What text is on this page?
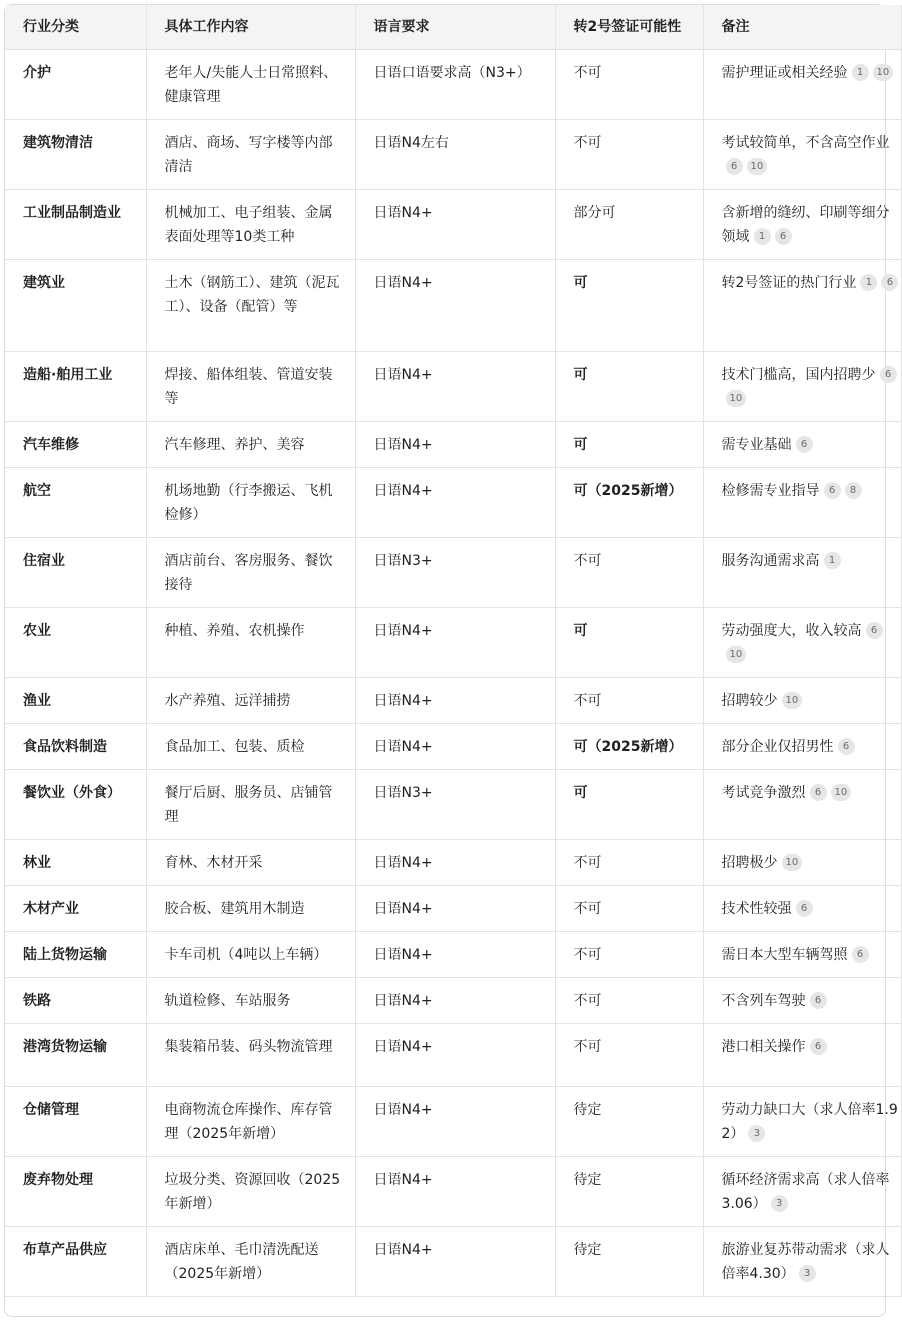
行业分类	具体工作内容	语言要求	转2号签证可能性	备注
介护	老年人/失能人士日常照料、健康管理	日语口语要求高（N3+）	不可	需护理证或相关经验 1 10
建筑物清洁	酒店、商场、写字楼等内部清洁	日语N4左右	不可	考试较简单，不含高空作业6 10
工业制品制造业	机械加工、电子组装、金属表面处理等10类工种	日语N4+	部分可	含新增的缝纫、印刷等细分领域 1 6
建筑业	土木（钢筋工）、建筑（泥瓦工）、设备（配管）等	日语N4+	可	转2号签证的热门行业 1 6
造船·舶用工业	焊接、船体组装、管道安装等	日语N4+	可	技术门槛高，国内招聘少 610
汽车维修	汽车修理、养护、美容	日语N4+	可	需专业基础 6
航空	机场地勤（行李搬运、飞机检修）	日语N4+	可（2025新增）	检修需专业指导 6 8
住宿业	酒店前台、客房服务、餐饮接待	日语N3+	不可	服务沟通需求高 1
农业	种植、养殖、农机操作	日语N4+	可	劳动强度大，收入较高 610
渔业	水产养殖、远洋捕捞	日语N4+	不可	招聘较少 10
食品饮料制造	食品加工、包装、质检	日语N4+	可（2025新增）	部分企业仅招男性 6
餐饮业（外食）	餐厅后厨、服务员、店铺管理	日语N3+	可	考试竞争激烈 6 10
林业	育林、木材开采	日语N4+	不可	招聘极少 10
木材产业	胶合板、建筑用木制造	日语N4+	不可	技术性较强 6
陆上货物运输	卡车司机（4吨以上车辆）	日语N4+	不可	需日本大型车辆驾照 6
铁路	轨道检修、车站服务	日语N4+	不可	不含列车驾驶 6
港湾货物运输	集装箱吊装、码头物流管理	日语N4+	不可	港口相关操作 6
仓储管理	电商物流仓库操作、库存管理（2025年新增）	日语N4+	待定	劳动力缺口大（求人倍率1.92） 3
废弃物处理	垃圾分类、资源回收（2025年新增）	日语N4+	待定	循环经济需求高（求人倍率3.06） 3
布草产品供应	酒店床单、毛巾清洗配送（2025年新增）	日语N4+	待定	旅游业复苏带动需求（求人倍率4.30） 3
